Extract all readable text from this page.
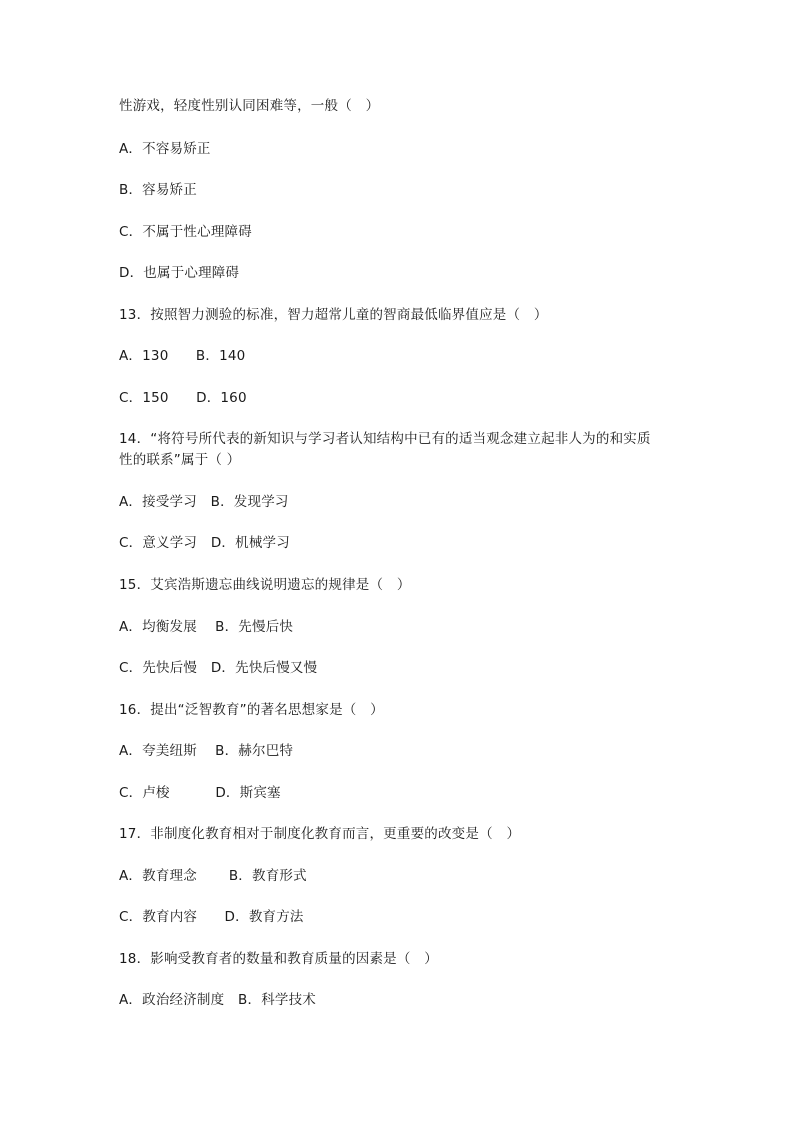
性游戏，轻度性别认同困难等，一般（　）
A．不容易矫正
B．容易矫正
C．不属于性心理障碍
D．也属于心理障碍
13．按照智力测验的标准，智力超常儿童的智商最低临界值应是（　）
A．130　　B．140
C．150　　D．160
14．“将符号所代表的新知识与学习者认知结构中已有的适当观念建立起非人为的和实质
性的联系”属于（ ）
A．接受学习　B．发现学习
C．意义学习　D．机械学习
15．艾宾浩斯遗忘曲线说明遗忘的规律是（　）
A．均衡发展　 B．先慢后快
C．先快后慢　D．先快后慢又慢
16．提出“泛智教育”的著名思想家是（　）
A．夸美纽斯　 B．赫尔巴特
C．卢梭　　　 D．斯宾塞
17．非制度化教育相对于制度化教育而言，更重要的改变是（　）
A．教育理念　　 B．教育形式
C．教育内容　　D．教育方法
18．影响受教育者的数量和教育质量的因素是（　）
A．政治经济制度　B．科学技术
